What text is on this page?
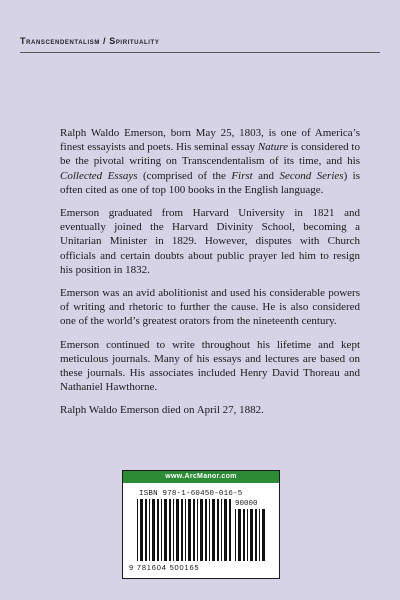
Transcendentalism / Spirituality

Ralph Waldo Emerson, born May 25, 1803, is one of America’s finest essayists and poets. His seminal essay Nature is considered to be the pivotal writing on Transcendentalism of its time, and his Collected Essays (comprised of the First and Second Series) is often cited as one of top 100 books in the English language.

Emerson graduated from Harvard University in 1821 and eventually joined the Harvard Divinity School, becoming a Unitarian Minister in 1829. However, disputes with Church officials and certain doubts about public prayer led him to resign his position in 1832.

Emerson was an avid abolitionist and used his considerable powers of writing and rhetoric to further the cause. He is also considered one of the world’s greatest orators from the nineteenth century.

Emerson continued to write throughout his lifetime and kept meticulous journals. Many of his essays and lectures are based on these journals. His associates included Henry David Thoreau and Nathaniel Hawthorne.

Ralph Waldo Emerson died on April 27, 1882.

www.ArcManor.com
ISBN 978-1-60450-016-5
90000
9 781604 500165
